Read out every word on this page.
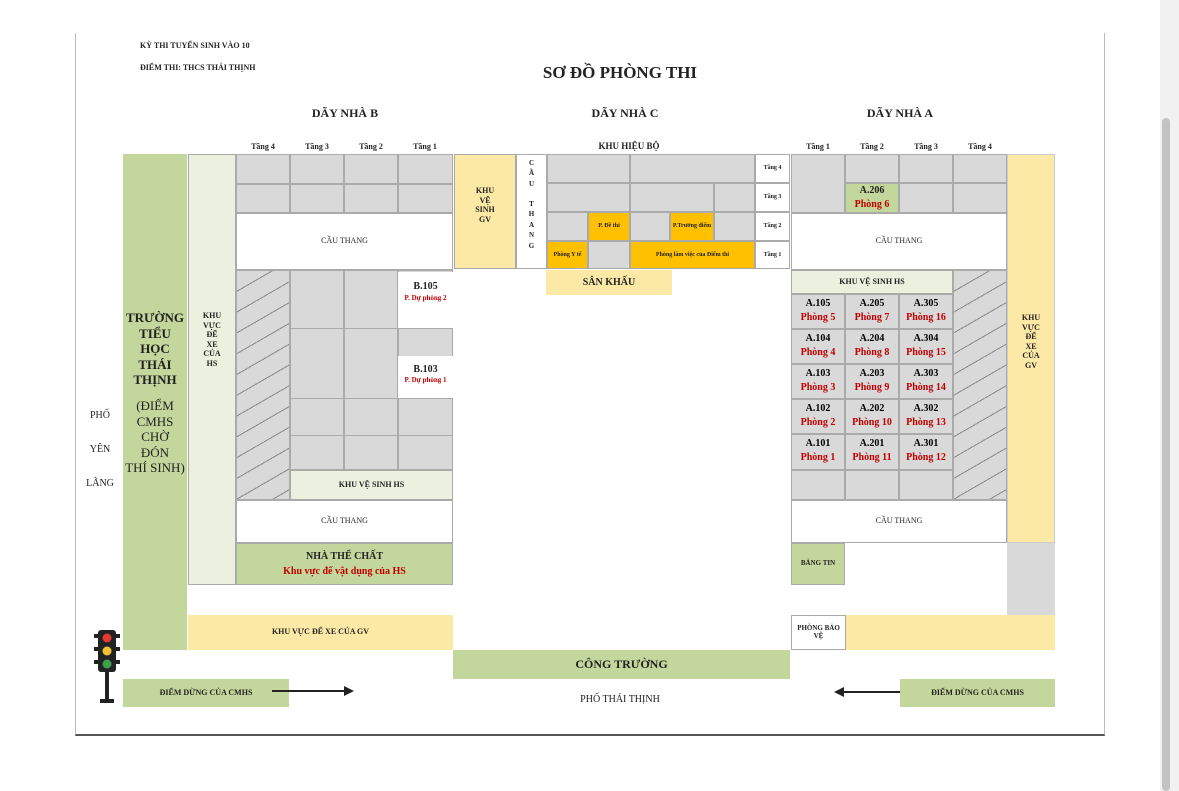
KỲ THI TUYỂN SINH VÀO 10
ĐIỂM THI: THCS THÁI THỊNH	SƠ ĐỒ PHÒNG THI
DÃY NHÀ B	DÃY NHÀ C	DÃY NHÀ A
Tầng 4	Tầng 3	Tầng 2	Tầng 1	Tầng 1	Tầng 2	Tầng 3	Tầng 4
PHỐ
YÊN
LÃNG
TRƯỜNG
TIỂU
HỌC
THÁI
THỊNH
(ĐIỂM
CMHS
CHỜ
ĐÓN
THÍ SINH)
KHU
VỰC
ĐỂ
XE
CỦA
HS
CẦU THANG
B.105
P. Dự phòng 2
B.103
P. Dự phòng 1
KHU VỆ SINH HS
CẦU THANG
NHÀ THỂ CHẤT
Khu vực để vật dụng của HS
KHU VỰC ĐỂ XE CỦA GV
KHU HIỆU BỘ
KHU
VỆ
SINH
GV
C
Ầ
U
T
H
A
N
G
P. Đề thi	P.Trưởng điểm
Phòng Y tế	Phòng làm việc của Điểm thi
Tầng 4
Tầng 3
Tầng 2
Tầng 1
SÂN KHẤU
CÔNG TRƯỜNG
PHỐ THÁI THỊNH
A.206
Phòng 6
CẦU THANG
KHU VỆ SINH HS
A.105
Phòng 5
A.205
Phòng 7
A.305
Phòng 16
A.104
Phòng 4
A.204
Phòng 8
A.304
Phòng 15
A.103
Phòng 3
A.203
Phòng 9
A.303
Phòng 14
A.102
Phòng 2
A.202
Phòng 10
A.302
Phòng 13
A.101
Phòng 1
A.201
Phòng 11
A.301
Phòng 12
CẦU THANG
BẢNG TIN
PHÒNG BẢO VỆ
KHU
VỰC
ĐỂ
XE
CỦA
GV
ĐIỂM DỪNG CỦA CMHS	ĐIỂM DỪNG CỦA CMHS
